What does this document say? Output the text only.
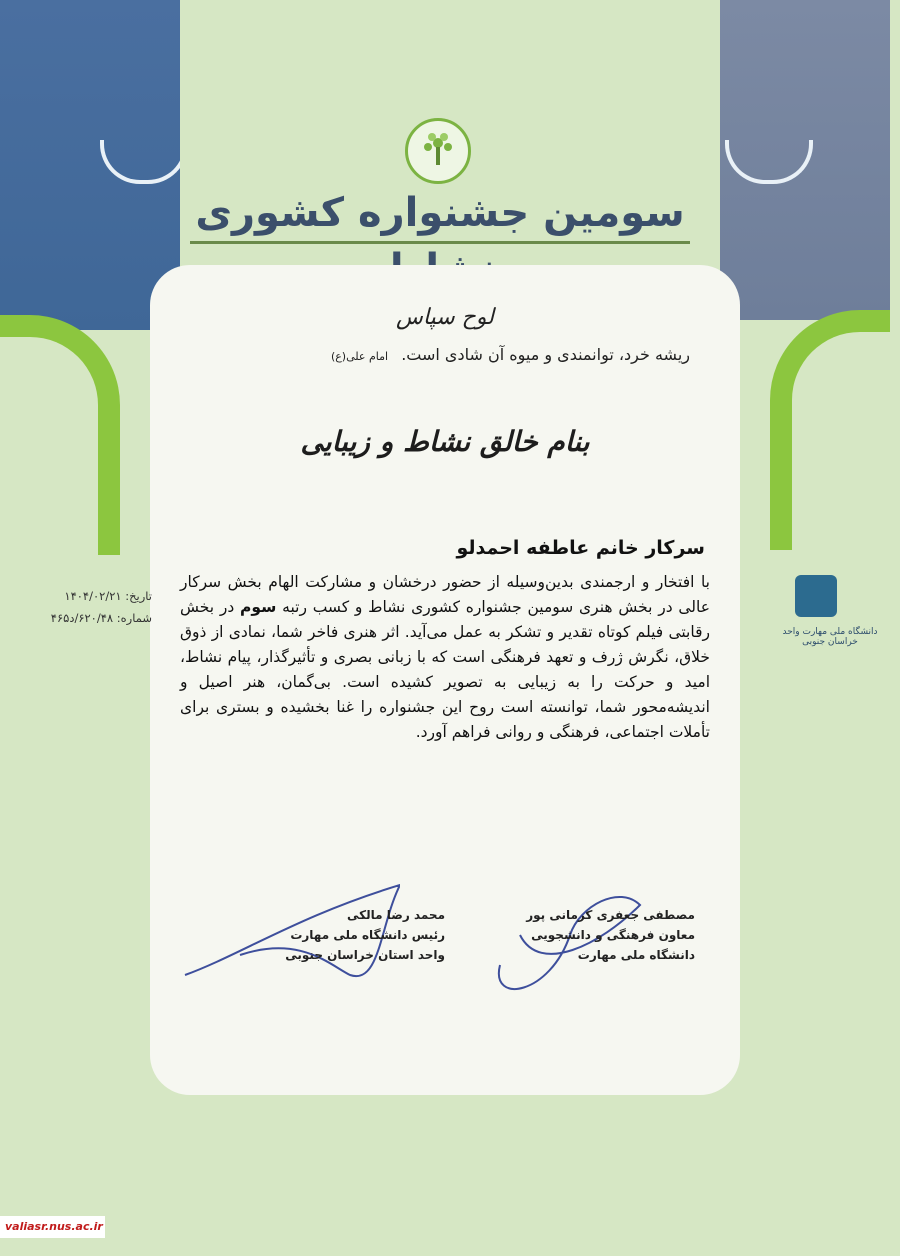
سومین جشنواره کشوری
لوح سپاس
ریشه خرد، توانمندی و میوه آن شادی است. امام علی(ع)
بنام خالق نشاط و زیبایی
سرکار خانم عاطفه احمدلو
با افتخار و ارجمندی بدین‌وسیله از حضور درخشان و مشارکت الهام بخش سرکار عالی در بخش هنری سومین جشنواره کشوری نشاط و کسب رتبه سوم در بخش رقابتی فیلم کوتاه تقدیر و تشکر به عمل می‌آید. اثر هنری فاخر شما، نمادی از ذوق خلاق، نگرش ژرف و تعهد فرهنگی است که با زبانی بصری و تأثیرگذار، پیام نشاط، امید و حرکت را به زیبایی به تصویر کشیده است. بی‌گمان، هنر اصیل و اندیشه‌محور شما، توانسته است روح این جشنواره را غنا بخشیده و بستری برای تأملات اجتماعی، فرهنگی و روانی فراهم آورد.
مصطفی جعفری کرمانی پور
معاون فرهنگی و دانشجویی
دانشگاه ملی مهارت
محمد رضا مالکی
رئیس دانشگاه ملی مهارت
واحد استان خراسان جنوبی
تاریخ: ۱۴۰۴/۰۲/۲۱
شماره: ۶۲۰/۴۸/د۴۶۵
دانشگاه ملی مهارت واحد خراسان جنوبی
valiasr.nus.ac.ir
